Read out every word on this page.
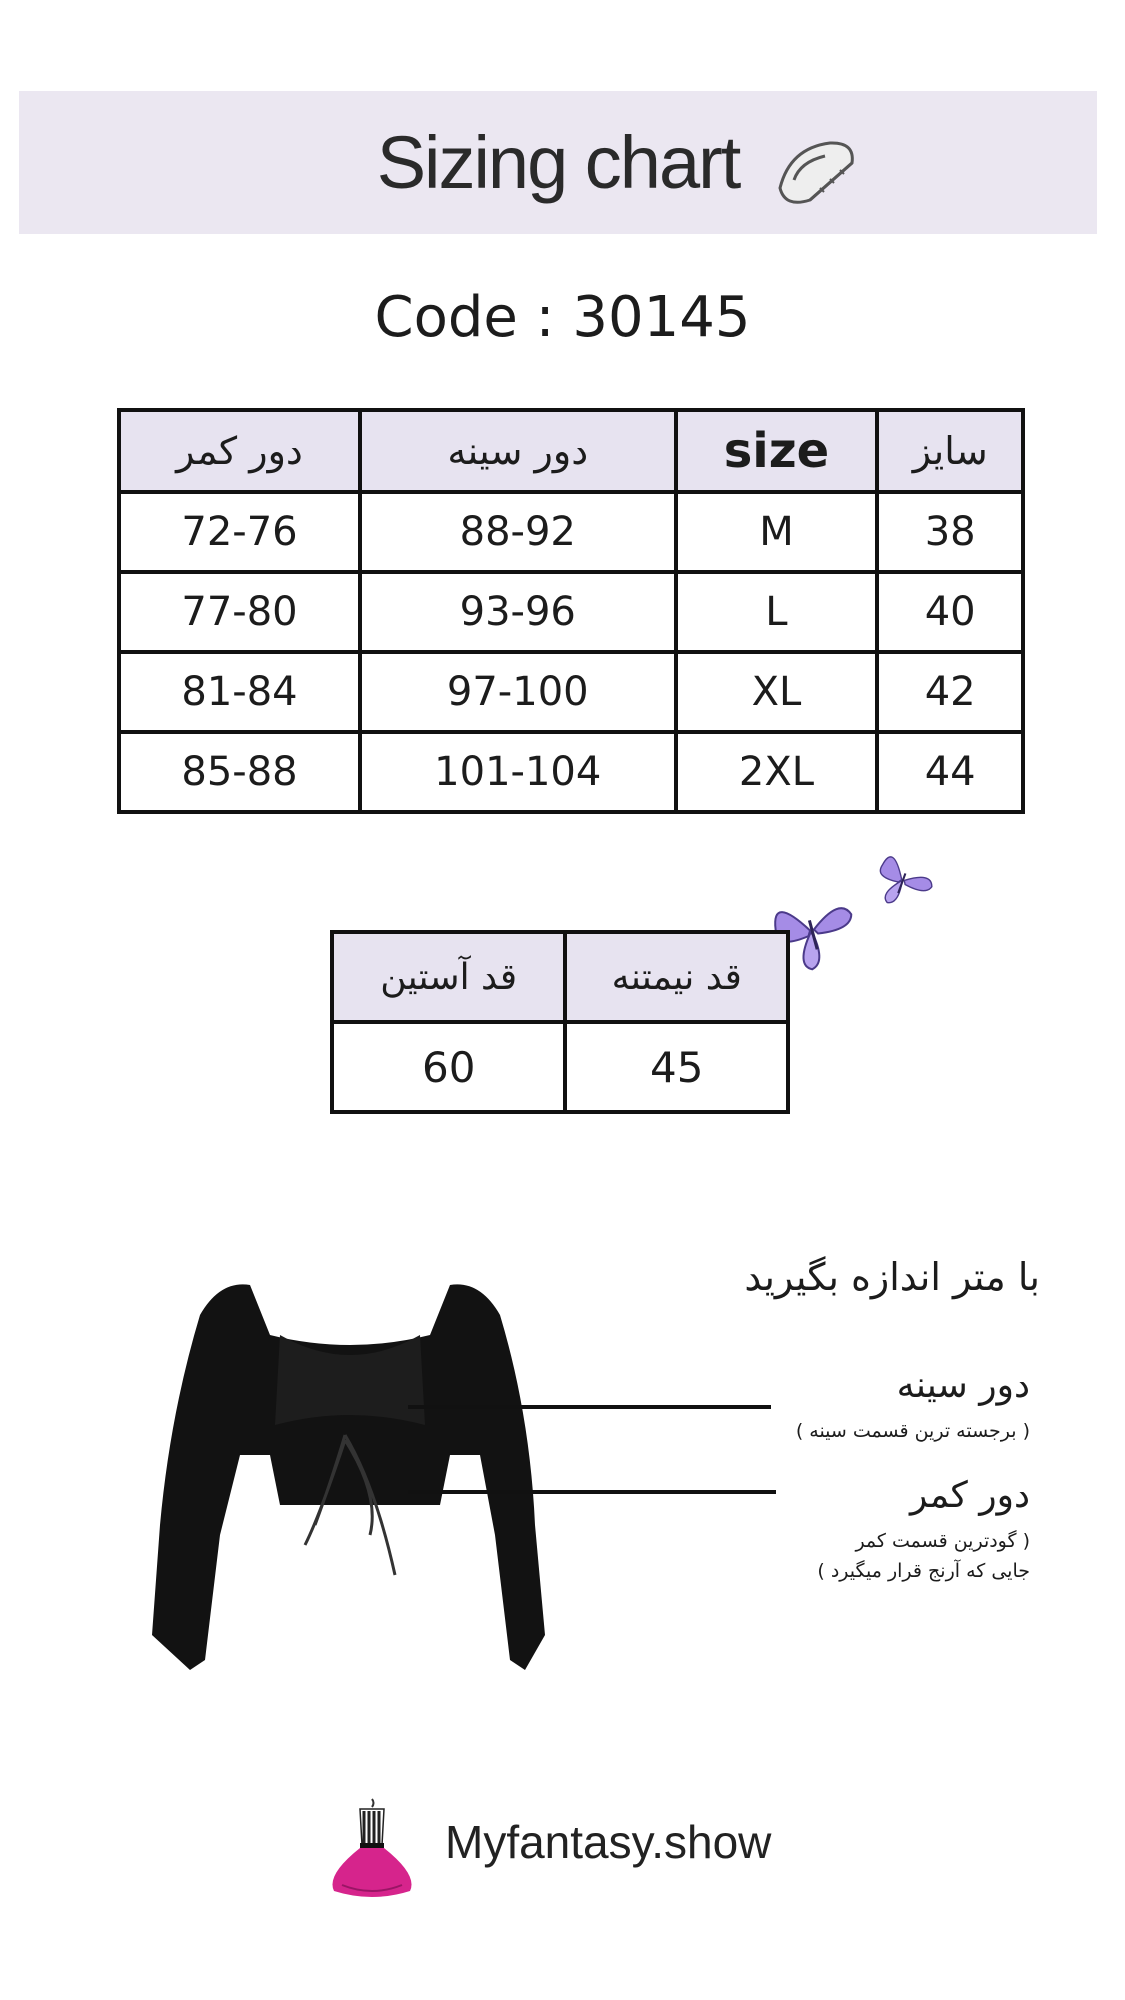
Sizing chart
Code : 30145
دور کمر	دور سینه	size	سایز
72-76	88-92	M	38
77-80	93-96	L	40
81-84	97-100	XL	42
85-88	101-104	2XL	44
قد آستین	قد نیمتنه
60	45
با متر اندازه بگیرید
دور سینه
( برجسته ترین قسمت سینه )
دور کمر
( گودترین قسمت کمر
جایی که آرنج قرار میگیرد )
Myfantasy.show
